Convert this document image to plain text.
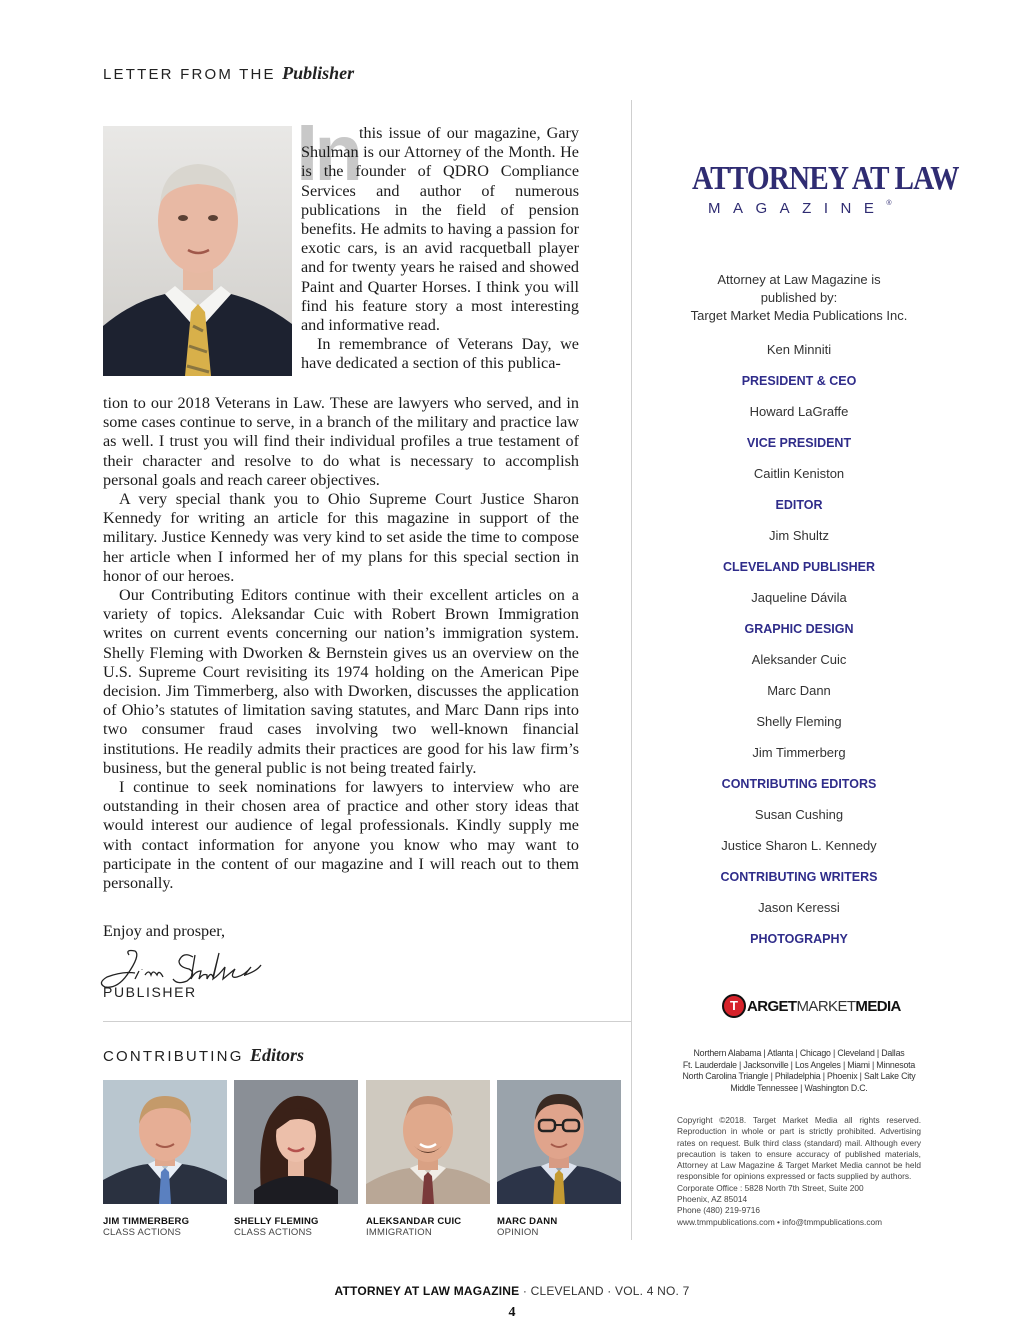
LETTER FROM THE Publisher
In this issue of our magazine, Gary Shulman is our Attorney of the Month. He is the founder of QDRO Compliance Services and author of numerous publications in the field of pension benefits. He admits to having a passion for exotic cars, is an avid racquetball player and for twenty years he raised and showed Paint and Quarter Horses. I think you will find his feature story a most interesting and informative read.

In remembrance of Veterans Day, we have dedicated a section of this publica-

tion to our 2018 Veterans in Law. These are lawyers who served, and in some cases continue to serve, in a branch of the military and practice law as well. I trust you will find their individual profiles a true testament of their character and resolve to do what is necessary to accomplish personal goals and reach career objectives.

A very special thank you to Ohio Supreme Court Justice Sharon Kennedy for writing an article for this magazine in support of the military. Justice Kennedy was very kind to set aside the time to compose her article when I informed her of my plans for this special section in honor of our heroes.

Our Contributing Editors continue with their excellent articles on a variety of topics. Aleksandar Cuic with Robert Brown Immigration writes on current events concerning our nation’s immigration system. Shelly Fleming with Dworken & Bernstein gives us an overview on the U.S. Supreme Court revisiting its 1974 holding on the American Pipe decision. Jim Timmerberg, also with Dworken, discusses the application of Ohio’s statutes of limitation saving statutes, and Marc Dann rips into two consumer fraud cases involving two well-known financial institutions. He readily admits their practices are good for his law firm’s business, but the general public is not being treated fairly.

I continue to seek nominations for lawyers to interview who are outstanding in their chosen area of practice and other story ideas that would interest our audience of legal professionals. Kindly supply me with contact information for anyone you know who may want to participate in the content of our magazine and I will reach out to them personally.

Enjoy and prosper,
PUBLISHER
CONTRIBUTING Editors
JIM TIMMERBERG
CLASS ACTIONS
SHELLY FLEMING
CLASS ACTIONS
ALEKSANDAR CUIC
IMMIGRATION
MARC DANN
OPINION
ATTORNEY AT LAW
MAGAZINE®
Attorney at Law Magazine is
published by:
Target Market Media Publications Inc.
Ken Minniti
PRESIDENT & CEO
Howard LaGraffe
VICE PRESIDENT
Caitlin Keniston
EDITOR
Jim Shultz
CLEVELAND PUBLISHER
Jaqueline Dávila
GRAPHIC DESIGN
Aleksander Cuic
Marc Dann
Shelly Fleming
Jim Timmerberg
CONTRIBUTING EDITORS
Susan Cushing
Justice Sharon L. Kennedy
CONTRIBUTING WRITERS
Jason Keressi
PHOTOGRAPHY
T ARGET MARKET MEDIA
Northern Alabama | Atlanta | Chicago | Cleveland | Dallas
Ft. Lauderdale | Jacksonville | Los Angeles | Miami | Minnesota
North Carolina Triangle | Philadelphia | Phoenix | Salt Lake City
Middle Tennessee | Washington D.C.

Copyright ©2018. Target Market Media all rights reserved. Reproduction in whole or part is strictly prohibited. Advertising rates on request. Bulk third class (standard) mail. Although every precaution is taken to ensure accuracy of published materials, Attorney at Law Magazine & Target Market Media cannot be held responsible for opinions expressed or facts supplied by authors.

Corporate Office : 5828 North 7th Street, Suite 200
Phoenix, AZ 85014
Phone (480) 219-9716
www.tmmpublications.com • info@tmmpublications.com
ATTORNEY AT LAW MAGAZINE · CLEVELAND · VOL. 4 NO. 7
4
